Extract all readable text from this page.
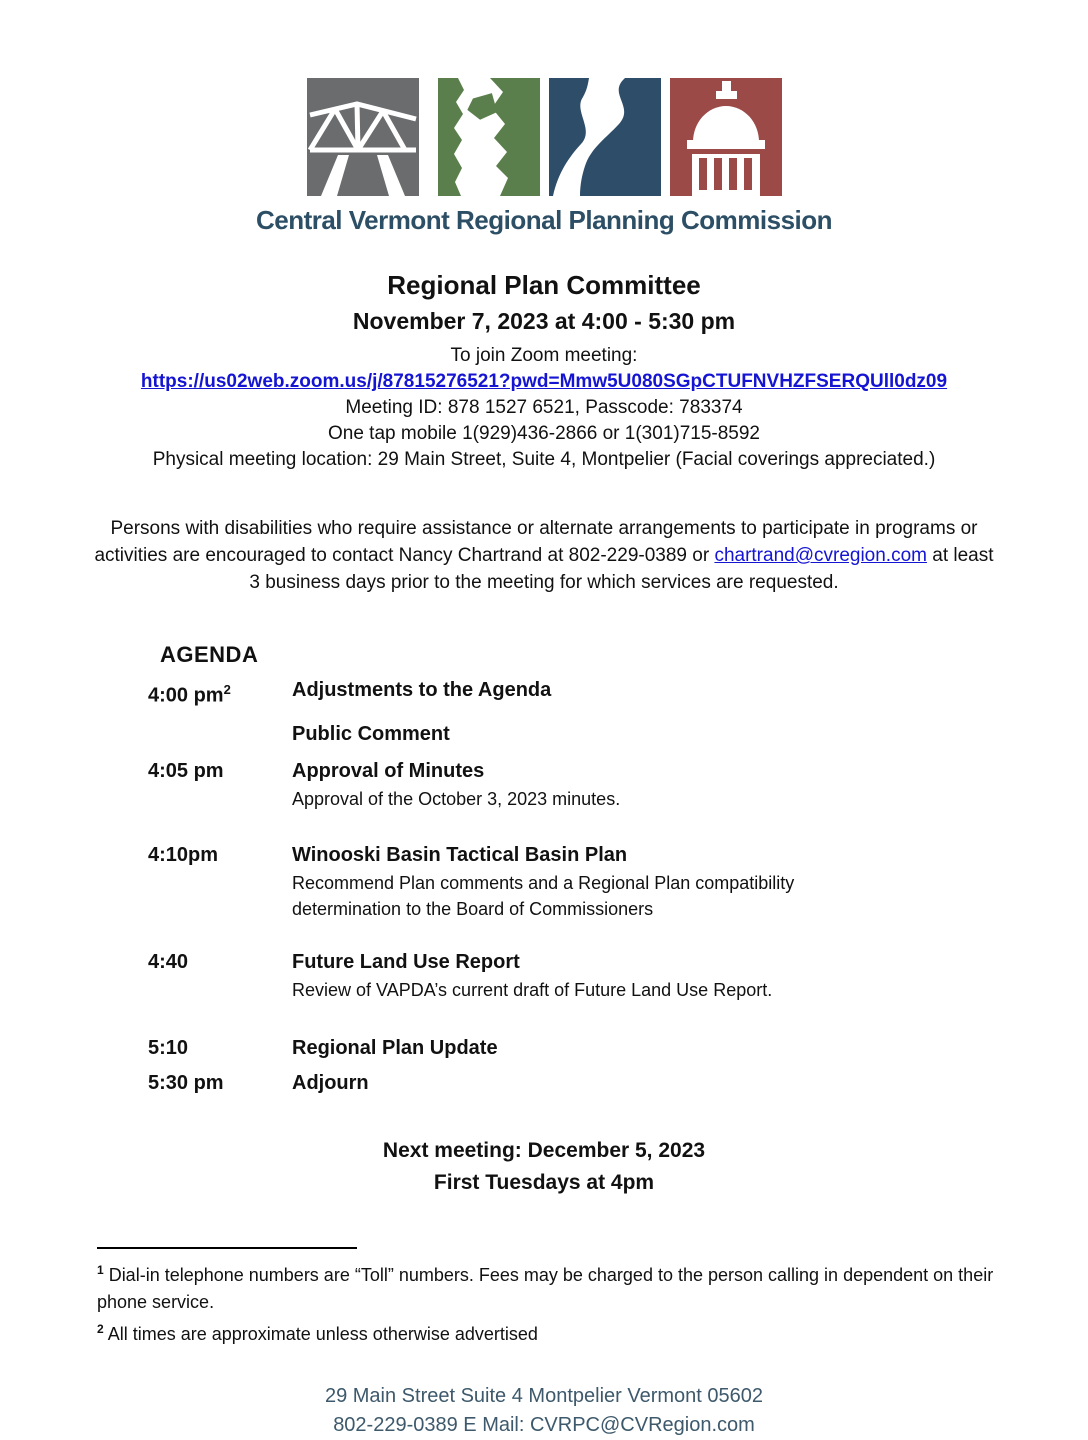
Central Vermont Regional Planning Commission
Regional Plan Committee
November 7, 2023 at 4:00 - 5:30 pm
To join Zoom meeting:
https://us02web.zoom.us/j/87815276521?pwd=Mmw5U080SGpCTUFNVHZFSERQUll0dz09
Meeting ID: 878 1527 6521, Passcode: 783374
One tap mobile 1(929)436-2866 or 1(301)715-8592
Physical meeting location: 29 Main Street, Suite 4, Montpelier (Facial coverings appreciated.)
Persons with disabilities who require assistance or alternate arrangements to participate in programs or activities are encouraged to contact Nancy Chartrand at 802-229-0389 or chartrand@cvregion.com at least 3 business days prior to the meeting for which services are requested.
AGENDA
4:00 $pm^2$	Adjustments to the Agenda
Public Comment
4:05 pm	Approval of Minutes
Approval of the October 3, 2023 minutes.
4:10pm	Winooski Basin Tactical Basin Plan
Recommend Plan comments and a Regional Plan compatibility determination to the Board of Commissioners
4:40	Future Land Use Report
Review of VAPDA’s current draft of Future Land Use Report.
5:10	Regional Plan Update
5:30 pm	Adjourn
Next meeting: December 5, 2023
First Tuesdays at 4pm
$^1$ Dial-in telephone numbers are “Toll” numbers. Fees may be charged to the person calling in dependent on their phone service.
$^2$ All times are approximate unless otherwise advertised
29 Main Street Suite 4 Montpelier Vermont 05602
802-229-0389 E Mail: CVRPC@CVRegion.com
